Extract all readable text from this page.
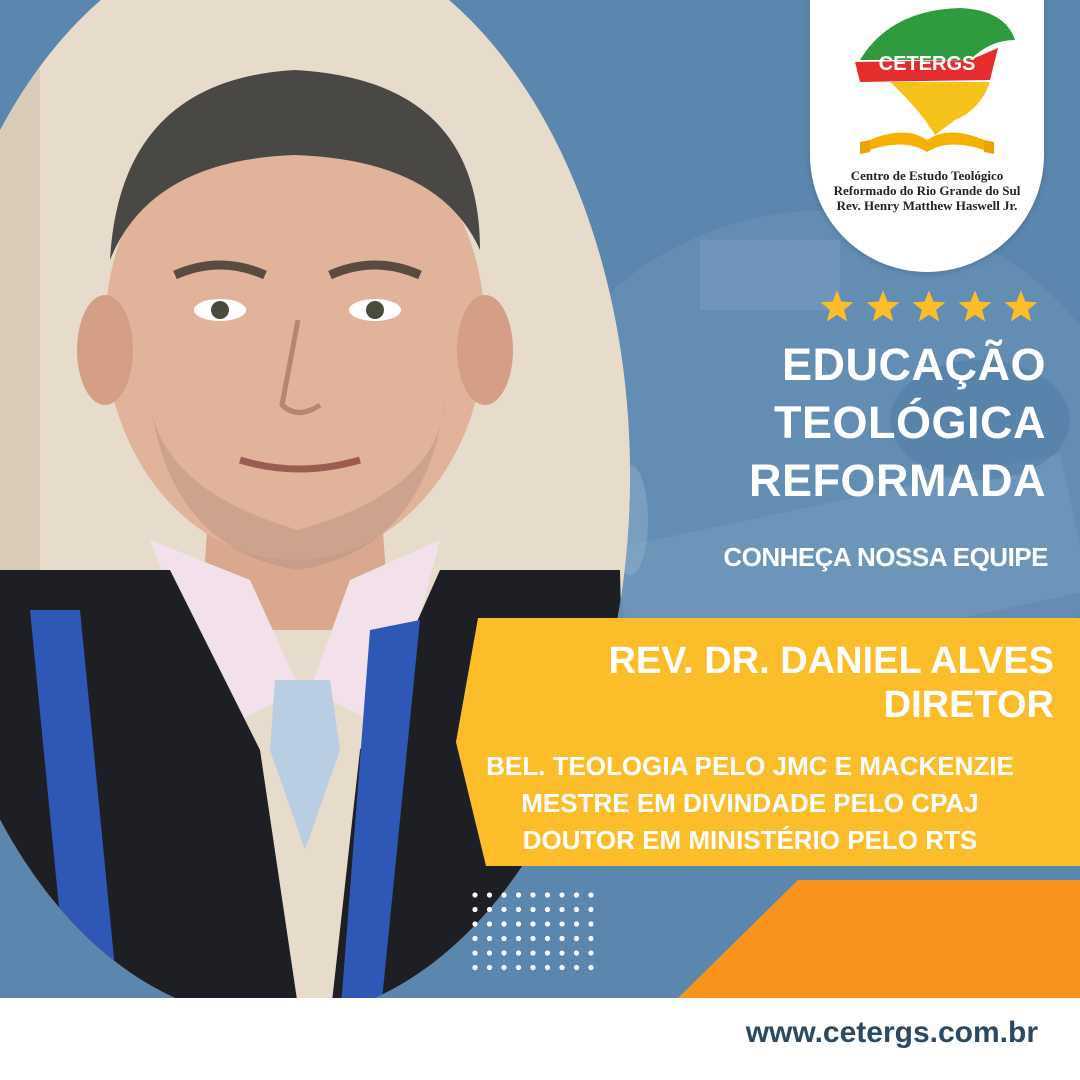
CETERGS
Centro de Estudo Teológico
Reformado do Rio Grande do Sul
Rev. Henry Matthew Haswell Jr.
EDUCAÇÃO
TEOLÓGICA
REFORMADA
CONHEÇA NOSSA EQUIPE
REV. DR. DANIEL ALVES
DIRETOR
BEL. TEOLOGIA PELO JMC E MACKENZIE
MESTRE EM DIVINDADE PELO CPAJ
DOUTOR EM MINISTÉRIO PELO RTS
www.cetergs.com.br
